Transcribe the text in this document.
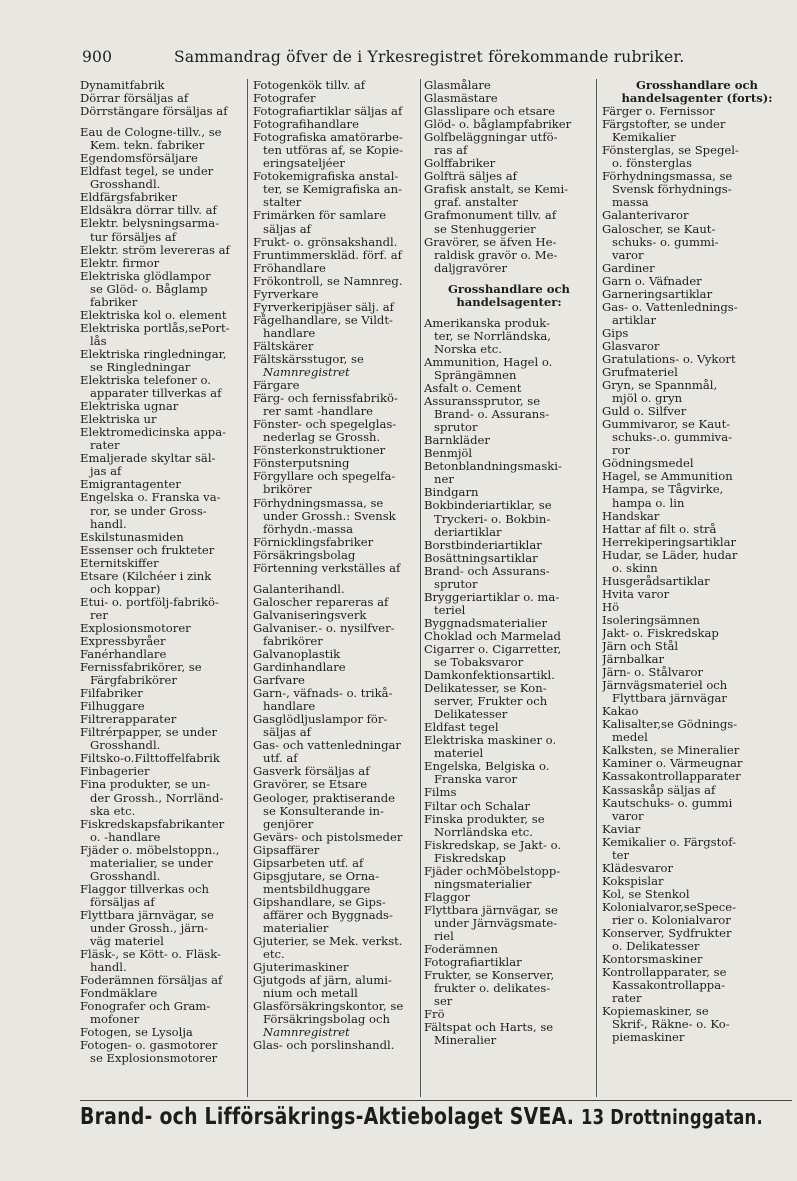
900	Sammandrag öfver de i Yrkesregistret förekommande rubriker.
Dynamitfabrik
Dörrar försäljas af
Dörrstängare försäljas af
Eau de Cologne-tillv., se
Kem. tekn. fabriker
Egendomsförsäljare
Eldfast tegel, se under
Grosshandl.
Eldfärgsfabriker
Eldsäkra dörrar tillv. af
Elektr. belysningsarma-
tur försäljes af
Elektr. ström levereras af
Elektr. firmor
Elektriska glödlampor
se Glöd- o. Båglamp
fabriker
Elektriska kol o. element
Elektriska portlås,sePort-
lås
Elektriska ringledningar,
se Ringledningar
Elektriska telefoner o.
apparater tillverkas af
Elektriska ugnar
Elektriska ur
Elektromedicinska appa-
rater
Emaljerade skyltar säl-
jas af
Emigrantagenter
Engelska o. Franska va-
ror, se under Gross-
handl.
Eskilstunasmiden
Essenser och frukteter
Eternitskiffer
Etsare (Kilchéer i zink
och koppar)
Etui- o. portfölj-fabrikö-
rer
Explosionsmotorer
Expressbyråer
Fanérhandlare
Fernissfabrikörer, se
Färgfabrikörer
Filfabriker
Filhuggare
Filtrerapparater
Filtrérpapper, se under
Grosshandl.
Filtsko-o.Filttoffelfabrik
Finbagerier
Fina produkter, se un-
der Grossh., Norrländ-
ska etc.
Fiskredskapsfabrikanter
o. -handlare
Fjäder o. möbelstoppn.,
materialier, se under
Grosshandl.
Flaggor tillverkas och
försäljas af
Flyttbara järnvägar, se
under Grossh., järn-
väg materiel
Fläsk-, se Kött- o. Fläsk-
handl.
Foderämnen försäljas af
Fondmäklare
Fonografer och Gram-
mofoner
Fotogen, se Lysolja
Fotogen- o. gasmotorer
se Explosionsmotorer
Fotogenkök tillv. af
Fotografer
Fotografiartiklar säljas af
Fotografihandlare
Fotografiska amatörarbe-
ten utföras af, se Kopie-
eringsateljéer
Fotokemigrafiska anstal-
ter, se Kemigrafiska an-
stalter
Frimärken för samlare
säljas af
Frukt- o. grönsakshandl.
Fruntimmerskläd. förf. af
Fröhandlare
Frökontroll, se Namnreg.
Fyrverkare
Fyrverkeripjäser sälj. af
Fågelhandlare, se Vildt-
handlare
Fältskärer
Fältskärsstugor, se
Namnregistret
Färgare
Färg- och fernissfabrikö-
rer samt -handlare
Fönster- och spegelglas-
nederlag se Grossh.
Fönsterkonstruktioner
Fönsterputsning
Förgyllare och spegelfa-
brikörer
Förhydningsmassa, se
under Grossh.: Svensk
förhydn.-massa
Förnicklingsfabriker
Försäkringsbolag
Förtenning verkställes af
Galanterihandl.
Galoscher repareras af
Galvaniseringsverk
Galvaniser.- o. nysilfver-
fabrikörer
Galvanoplastik
Gardinhandlare
Garfvare
Garn-, väfnads- o. trikå-
handlare
Gasglödljuslampor för-
säljas af
Gas- och vattenledningar
utf. af
Gasverk försäljas af
Gravörer, se Etsare
Geologer, praktiserande
se Konsulterande in-
genjörer
Gevärs- och pistolsmeder
Gipsaffärer
Gipsarbeten utf. af
Gipsgjutare, se Orna-
mentsbildhuggare
Gipshandlare, se Gips-
affärer och Byggnads-
materialier
Gjuterier, se Mek. verkst.
etc.
Gjuterimaskiner
Gjutgods af järn, alumi-
nium och metall
Glasförsäkringskontor, se
Försäkringsbolag och
Namnregistret
Glas- och porslinshandl.
Glasmålare
Glasmästare
Glasslipare och etsare
Glöd- o. båglampfabriker
Golfbeläggningar utfö-
ras af
Golffabriker
Golfträ säljes af
Grafisk anstalt, se Kemi-
graf. anstalter
Grafmonument tillv. af
se Stenhuggerier
Gravörer, se äfven He-
raldisk gravör o. Me-
daljgravörer
Grosshandlare och
handelsagenter:
Amerikanska produk-
ter, se Norrländska,
Norska etc.
Ammunition, Hagel o.
Sprängämnen
Asfalt o. Cement
Assuranssprutor, se
Brand- o. Assurans-
sprutor
Barnkläder
Benmjöl
Betonblandningsmaski-
ner
Bindgarn
Bokbinderiartiklar, se
Tryckeri- o. Bokbin-
deriartiklar
Borstbinderiartiklar
Bosättningsartiklar
Brand- och Assurans-
sprutor
Bryggeriartiklar o. ma-
teriel
Byggnadsmaterialier
Choklad och Marmelad
Cigarrer o. Cigarretter,
se Tobaksvaror
Damkonfektionsartikl.
Delikatesser, se Kon-
server, Frukter och
Delikatesser
Eldfast tegel
Elektriska maskiner o.
materiel
Engelska, Belgiska o.
Franska varor
Films
Filtar och Schalar
Finska produkter, se
Norrländska etc.
Fiskredskap, se Jakt- o.
Fiskredskap
Fjäder ochMöbelstopp-
ningsmaterialier
Flaggor
Flyttbara järnvägar, se
under Järnvägsmate-
riel
Foderämnen
Fotografiartiklar
Frukter, se Konserver,
frukter o. delikates-
ser
Frö
Fältspat och Harts, se
Mineralier
Grosshandlare och
handelsagenter (forts):
Färger o. Fernissor
Färgstofter, se under
Kemikalier
Fönsterglas, se Spegel-
o. fönsterglas
Förhydningsmassa, se
Svensk förhydnings-
massa
Galanterivaror
Galoscher, se Kaut-
schuks- o. gummi-
varor
Gardiner
Garn o. Väfnader
Garneringsartiklar
Gas- o. Vattenlednings-
artiklar
Gips
Glasvaror
Gratulations- o. Vykort
Grufmateriel
Gryn, se Spannmål,
mjöl o. gryn
Guld o. Silfver
Gummivaror, se Kaut-
schuks-.o. gummiva-
ror
Gödningsmedel
Hagel, se Ammunition
Hampa, se Tågvirke,
hampa o. lin
Handskar
Hattar af filt o. strå
Herrekiperingsartiklar
Hudar, se Läder, hudar
o. skinn
Husgerådsartiklar
Hvita varor
Hö
Isoleringsämnen
Jakt- o. Fiskredskap
Järn och Stål
Järnbalkar
Järn- o. Stålvaror
Järnvägsmateriel och
Flyttbara järnvägar
Kakao
Kalisalter,se Gödnings-
medel
Kalksten, se Mineralier
Kaminer o. Värmeugnar
Kassakontrollapparater
Kassaskåp säljas af
Kautschuks- o. gummi
varor
Kaviar
Kemikalier o. Färgstof-
ter
Klädesvaror
Kokspislar
Kol, se Stenkol
Kolonialvaror,seSpece-
rier o. Kolonialvaror
Konserver, Sydfrukter
o. Delikatesser
Kontorsmaskiner
Kontrollapparater, se
Kassakontrollappa-
rater
Kopiemaskiner, se
Skrif-, Räkne- o. Ko-
piemaskiner
Brand- och Lifförsäkrings-Aktiebolaget SVEA. 13 Drottninggatan.
